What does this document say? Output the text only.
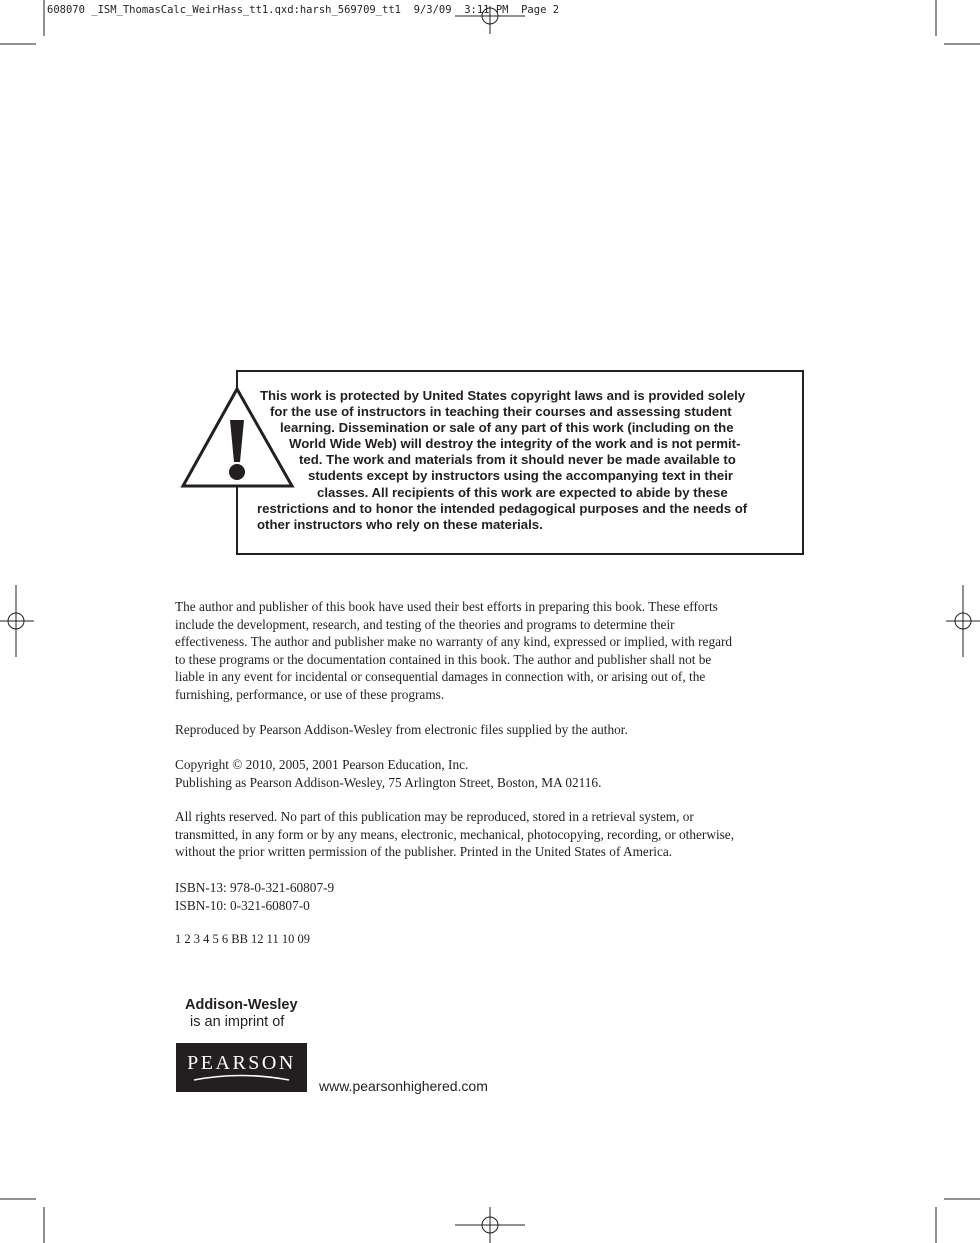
608070 _ISM_ThomasCalc_WeirHass_tt1.qxd:harsh_569709_tt1  9/3/09  3:11 PM  Page 2
This work is protected by United States copyright laws and is provided solely
for the use of instructors in teaching their courses and assessing student
learning. Dissemination or sale of any part of this work (including on the
World Wide Web) will destroy the integrity of the work and is not permit-
ted. The work and materials from it should never be made available to
students except by instructors using the accompanying text in their
classes. All recipients of this work are expected to abide by these
restrictions and to honor the intended pedagogical purposes and the needs of
other instructors who rely on these materials.

The author and publisher of this book have used their best efforts in preparing this book. These efforts

include the development, research, and testing of the theories and programs to determine their

effectiveness. The author and publisher make no warranty of any kind, expressed or implied, with regard

to these programs or the documentation contained in this book. The author and publisher shall not be

liable in any event for incidental or consequential damages in connection with, or arising out of, the

furnishing, performance, or use of these programs.

Reproduced by Pearson Addison-Wesley from electronic files supplied by the author.

Copyright © 2010, 2005, 2001 Pearson Education, Inc.

Publishing as Pearson Addison-Wesley, 75 Arlington Street, Boston, MA 02116.

All rights reserved. No part of this publication may be reproduced, stored in a retrieval system, or

transmitted, in any form or by any means, electronic, mechanical, photocopying, recording, or otherwise,

without the prior written permission of the publisher. Printed in the United States of America.

ISBN-13: 978-0-321-60807-9

ISBN-10: 0-321-60807-0

1 2 3 4 5 6 BB 12 11 10 09

Addison-Wesley
is an imprint of
PEARSON
www.pearsonhighered.com
